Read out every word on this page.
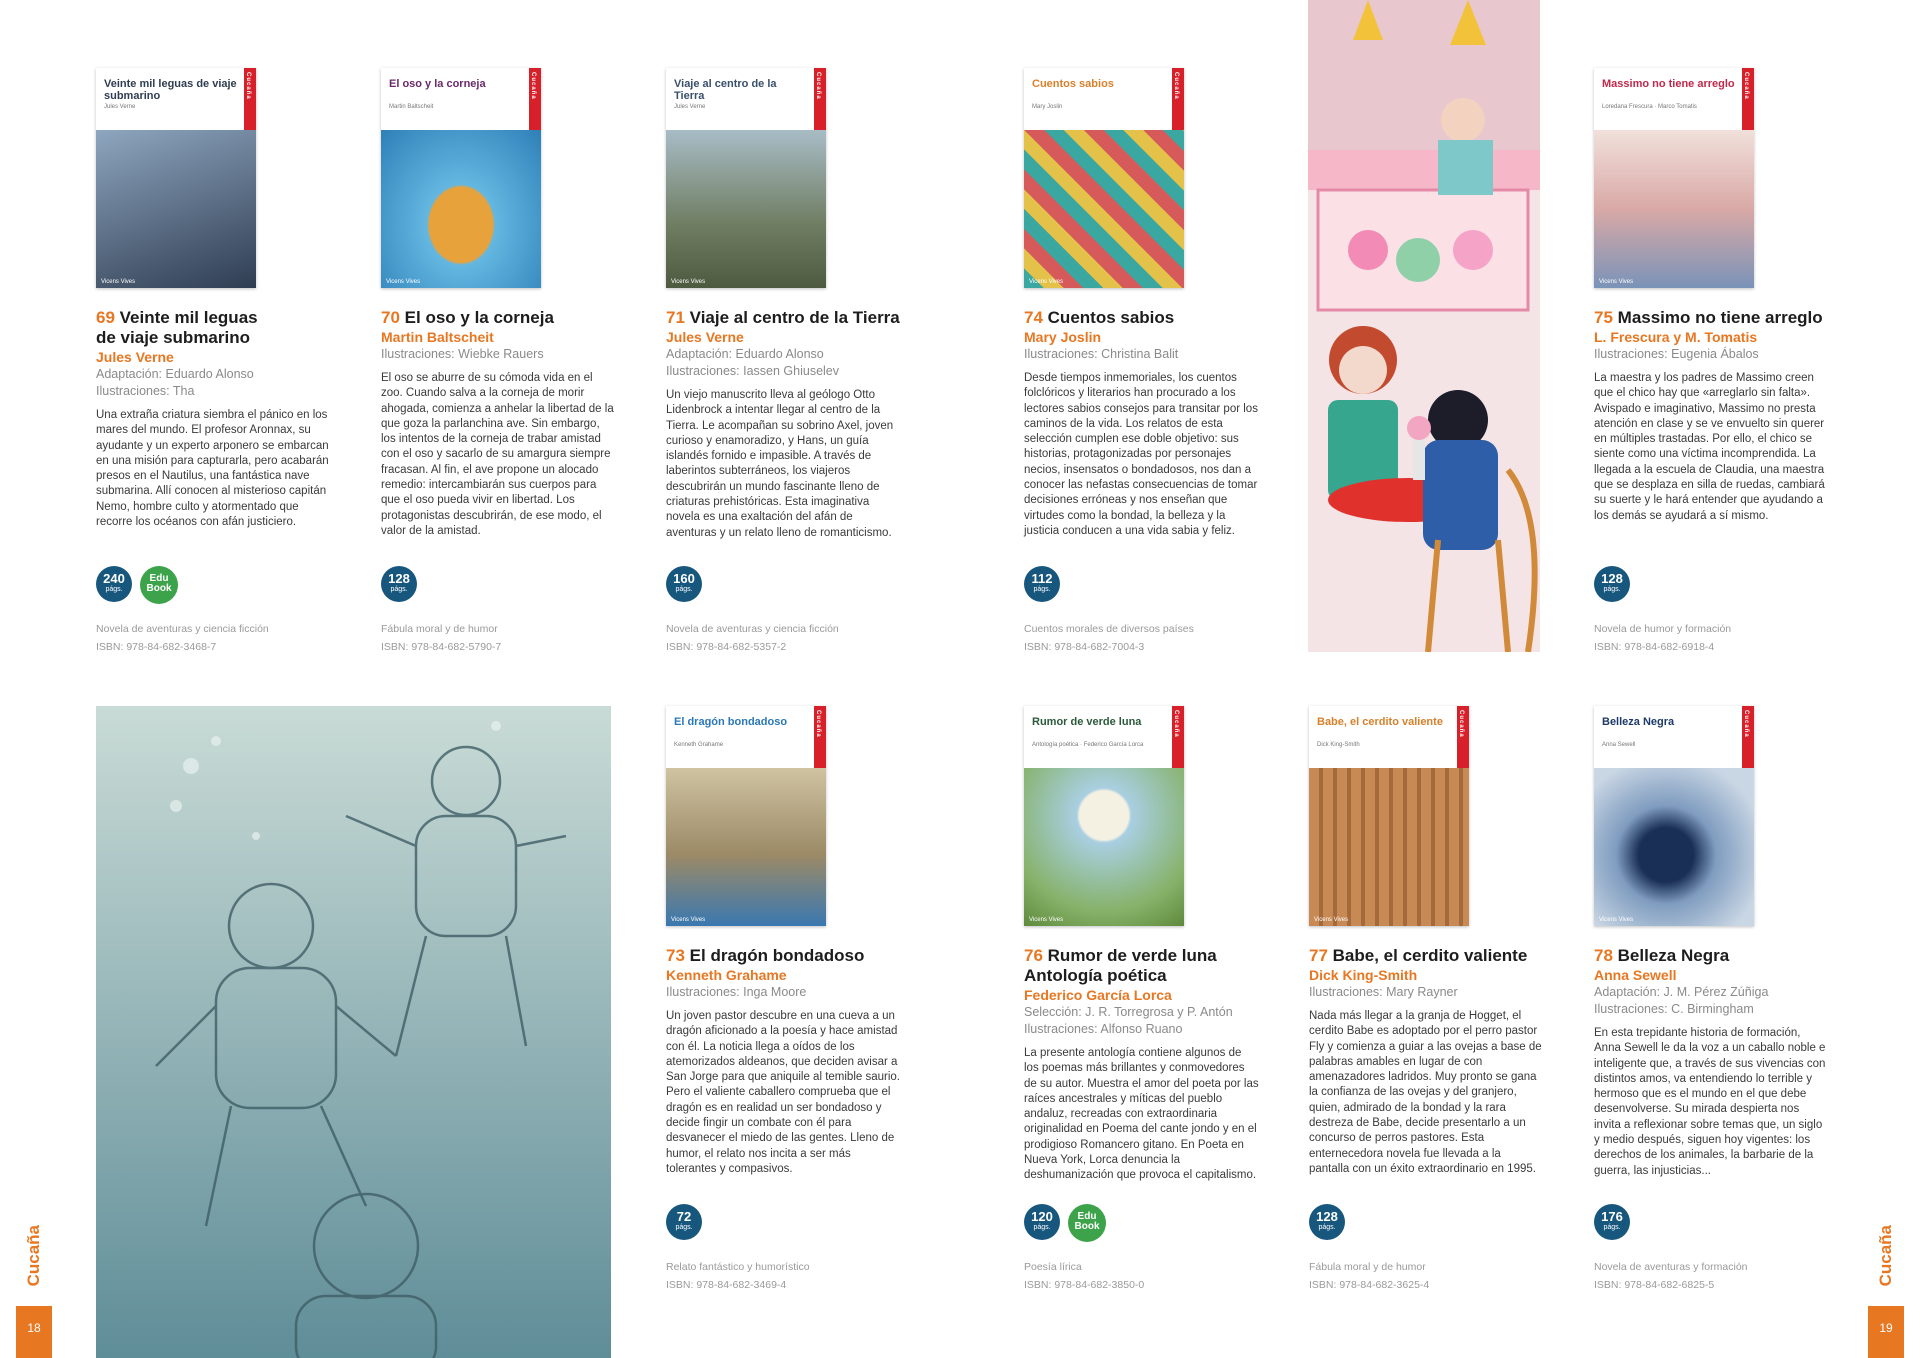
Veinte mil leguas de viaje submarino
Jules Verne
Cucaña
Vicens Vives
69 Veinte mil leguas
de viaje submarino
Jules Verne
Adaptación: Eduardo Alonso
Ilustraciones: Tha
Una extraña criatura siembra el pánico en los mares del mundo. El profesor Aronnax, su ayudante y un experto arponero se embarcan en una misión para capturarla, pero acabarán presos en el Nautilus, una fantástica nave submarina. Allí conocen al misterioso capitán Nemo, hombre culto y atormentado que recorre los océanos con afán justiciero.
240
págs.
Edu Book
Novela de aventuras y ciencia ficción
ISBN: 978-84-682-3468-7
El oso y la corneja
Martin Baltscheit
Cucaña
Vicens Vives
70 El oso y la corneja
Martin Baltscheit
Ilustraciones: Wiebke Rauers
El oso se aburre de su cómoda vida en el zoo. Cuando salva a la corneja de morir ahogada, comienza a anhelar la libertad de la que goza la parlanchina ave. Sin embargo, los intentos de la corneja de trabar amistad con el oso y sacarlo de su amargura siempre fracasan. Al fin, el ave propone un alocado remedio: intercambiarán sus cuerpos para que el oso pueda vivir en libertad. Los protagonistas descubrirán, de ese modo, el valor de la amistad.
128
págs.
Fábula moral y de humor
ISBN: 978-84-682-5790-7
Viaje al centro de la Tierra
Jules Verne
Cucaña
Vicens Vives
71 Viaje al centro de la Tierra
Jules Verne
Adaptación: Eduardo Alonso
Ilustraciones: Iassen Ghiuselev
Un viejo manuscrito lleva al geólogo Otto Lidenbrock a intentar llegar al centro de la Tierra. Le acompañan su sobrino Axel, joven curioso y enamoradizo, y Hans, un guía islandés fornido e impasible. A través de laberintos subterráneos, los viajeros descubrirán un mundo fascinante lleno de criaturas prehistóricas. Esta imaginativa novela es una exaltación del afán de aventuras y un relato lleno de romanticismo.
160
págs.
Novela de aventuras y ciencia ficción
ISBN: 978-84-682-5357-2
Cuentos sabios
Mary Joslin
Cucaña
Vicens Vives
74 Cuentos sabios
Mary Joslin
Ilustraciones: Christina Balit
Desde tiempos inmemoriales, los cuentos folclóricos y literarios han procurado a los lectores sabios consejos para transitar por los caminos de la vida. Los relatos de esta selección cumplen ese doble objetivo: sus historias, protagonizadas por personajes necios, insensatos o bondadosos, nos dan a conocer las nefastas consecuencias de tomar decisiones erróneas y nos enseñan que virtudes como la bondad, la belleza y la justicia conducen a una vida sabia y feliz.
112
págs.
Cuentos morales de diversos países
ISBN: 978-84-682-7004-3
Massimo no tiene arreglo
Loredana Frescura · Marco Tomatis
Cucaña
Vicens Vives
75 Massimo no tiene arreglo
L. Frescura y M. Tomatis
Ilustraciones: Eugenia Ábalos
La maestra y los padres de Massimo creen que el chico hay que «arreglarlo sin falta». Avispado e imaginativo, Massimo no presta atención en clase y se ve envuelto sin querer en múltiples trastadas. Por ello, el chico se siente como una víctima incomprendida. La llegada a la escuela de Claudia, una maestra que se desplaza en silla de ruedas, cambiará su suerte y le hará entender que ayudando a los demás se ayudará a sí mismo.
128
págs.
Novela de humor y formación
ISBN: 978-84-682-6918-4
El dragón bondadoso
Kenneth Grahame
Cucaña
Vicens Vives
73 El dragón bondadoso
Kenneth Grahame
Ilustraciones: Inga Moore
Un joven pastor descubre en una cueva a un dragón aficionado a la poesía y hace amistad con él. La noticia llega a oídos de los atemorizados aldeanos, que deciden avisar a San Jorge para que aniquile al temible saurio. Pero el valiente caballero comprueba que el dragón es en realidad un ser bondadoso y decide fingir un combate con él para desvanecer el miedo de las gentes. Lleno de humor, el relato nos incita a ser más tolerantes y compasivos.
72
págs.
Relato fantástico y humorístico
ISBN: 978-84-682-3469-4
Rumor de verde luna
Antología poética · Federico García Lorca
Cucaña
Vicens Vives
76 Rumor de verde luna
Antología poética
Federico García Lorca
Selección: J. R. Torregrosa y P. Antón
Ilustraciones: Alfonso Ruano
La presente antología contiene algunos de los poemas más brillantes y conmovedores de su autor. Muestra el amor del poeta por las raíces ancestrales y míticas del pueblo andaluz, recreadas con extraordinaria originalidad en Poema del cante jondo y en el prodigioso Romancero gitano. En Poeta en Nueva York, Lorca denuncia la deshumanización que provoca el capitalismo.
120
págs.
Edu Book
Poesía lírica
ISBN: 978-84-682-3850-0
Babe, el cerdito valiente
Dick King-Smith
Cucaña
Vicens Vives
77 Babe, el cerdito valiente
Dick King-Smith
Ilustraciones: Mary Rayner
Nada más llegar a la granja de Hogget, el cerdito Babe es adoptado por el perro pastor Fly y comienza a guiar a las ovejas a base de palabras amables en lugar de con amenazadores ladridos. Muy pronto se gana la confianza de las ovejas y del granjero, quien, admirado de la bondad y la rara destreza de Babe, decide presentarlo a un concurso de perros pastores. Esta enternecedora novela fue llevada a la pantalla con un éxito extraordinario en 1995.
128
págs.
Fábula moral y de humor
ISBN: 978-84-682-3625-4
Belleza Negra
Anna Sewell
Cucaña
Vicens Vives
78 Belleza Negra
Anna Sewell
Adaptación: J. M. Pérez Zúñiga
Ilustraciones: C. Birmingham
En esta trepidante historia de formación, Anna Sewell le da la voz a un caballo noble e inteligente que, a través de sus vivencias con distintos amos, va entendiendo lo terrible y hermoso que es el mundo en el que debe desenvolverse. Su mirada despierta nos invita a reflexionar sobre temas que, un siglo y medio después, siguen hoy vigentes: los derechos de los animales, la barbarie de la guerra, las injusticias...
176
págs.
Novela de aventuras y formación
ISBN: 978-84-682-6825-5
Cucaña
18
Cucaña
19
